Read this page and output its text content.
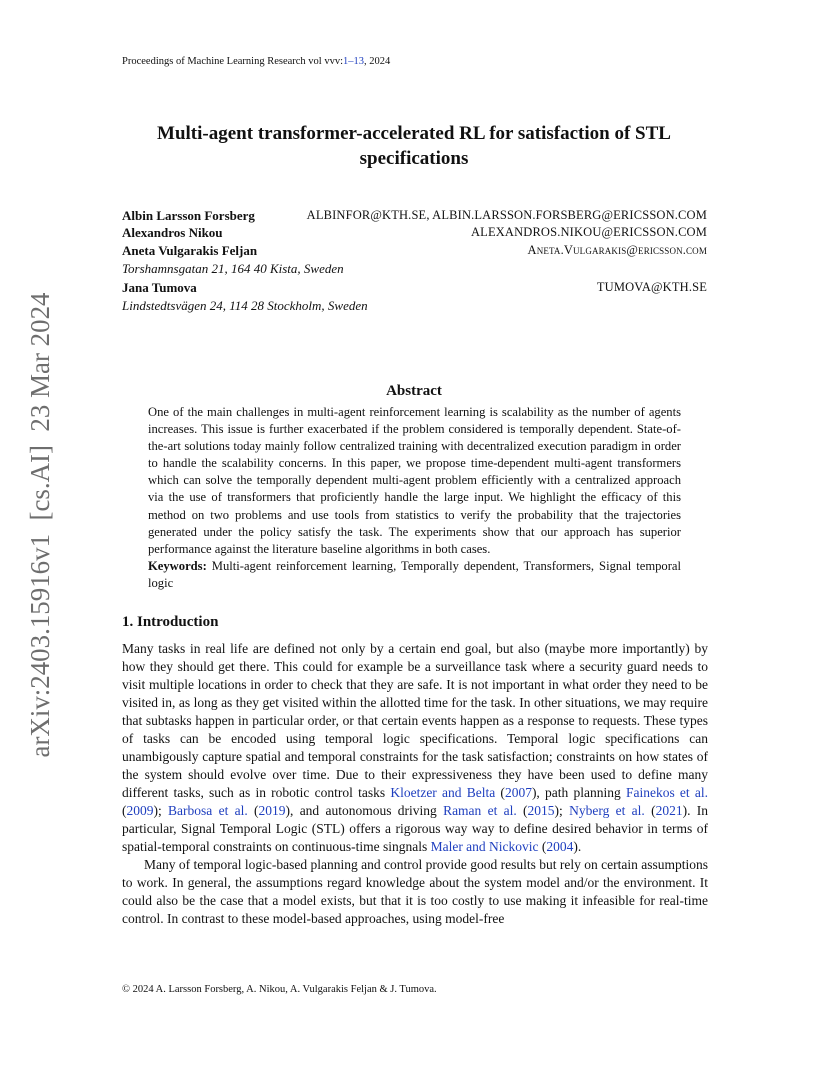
Proceedings of Machine Learning Research vol vvv:1–13, 2024
arXiv:2403.15916v1  [cs.AI]  23 Mar 2024
Multi-agent transformer-accelerated RL for satisfaction of STL specifications
Albin Larsson Forsberg	ALBINFOR@KTH.SE, ALBIN.LARSSON.FORSBERG@ERICSSON.COM
Alexandros Nikou	ALEXANDROS.NIKOU@ERICSSON.COM
Aneta Vulgarakis Feljan	Aneta.Vulgarakis@ericsson.com
Torshamnsgatan 21, 164 40 Kista, Sweden
Jana Tumova	TUMOVA@KTH.SE
Lindstedtsvägen 24, 114 28 Stockholm, Sweden
Abstract

One of the main challenges in multi-agent reinforcement learning is scalability as the number of agents increases. This issue is further exacerbated if the problem considered is temporally dependent. State-of-the-art solutions today mainly follow centralized training with decentralized execution paradigm in order to handle the scalability concerns. In this paper, we propose time-dependent multi-agent transformers which can solve the temporally dependent multi-agent problem efficiently with a centralized approach via the use of transformers that proficiently handle the large input. We highlight the efficacy of this method on two problems and use tools from statistics to verify the probability that the trajectories generated under the policy satisfy the task. The experiments show that our approach has superior performance against the literature baseline algorithms in both cases.

Keywords: Multi-agent reinforcement learning, Temporally dependent, Transformers, Signal temporal logic

1. Introduction

Many tasks in real life are defined not only by a certain end goal, but also (maybe more importantly) by how they should get there. This could for example be a surveillance task where a security guard needs to visit multiple locations in order to check that they are safe. It is not important in what order they need to be visited in, as long as they get visited within the allotted time for the task. In other situations, we may require that subtasks happen in particular order, or that certain events happen as a response to requests. These types of tasks can be encoded using temporal logic specifications. Temporal logic specifications can unambigously capture spatial and temporal constraints for the task satisfaction; constraints on how states of the system should evolve over time. Due to their expressiveness they have been used to define many different tasks, such as in robotic control tasks Kloetzer and Belta (2007), path planning Fainekos et al. (2009); Barbosa et al. (2019), and autonomous driving Raman et al. (2015); Nyberg et al. (2021). In particular, Signal Temporal Logic (STL) offers a rigorous way way to define desired behavior in terms of spatial-temporal constraints on continuous-time singnals Maler and Nickovic (2004).

Many of temporal logic-based planning and control provide good results but rely on certain assumptions to work. In general, the assumptions regard knowledge about the system model and/or the environment. It could also be the case that a model exists, but that it is too costly to use making it infeasible for real-time control. In contrast to these model-based approaches, using model-free

© 2024 A. Larsson Forsberg, A. Nikou, A. Vulgarakis Feljan & J. Tumova.
